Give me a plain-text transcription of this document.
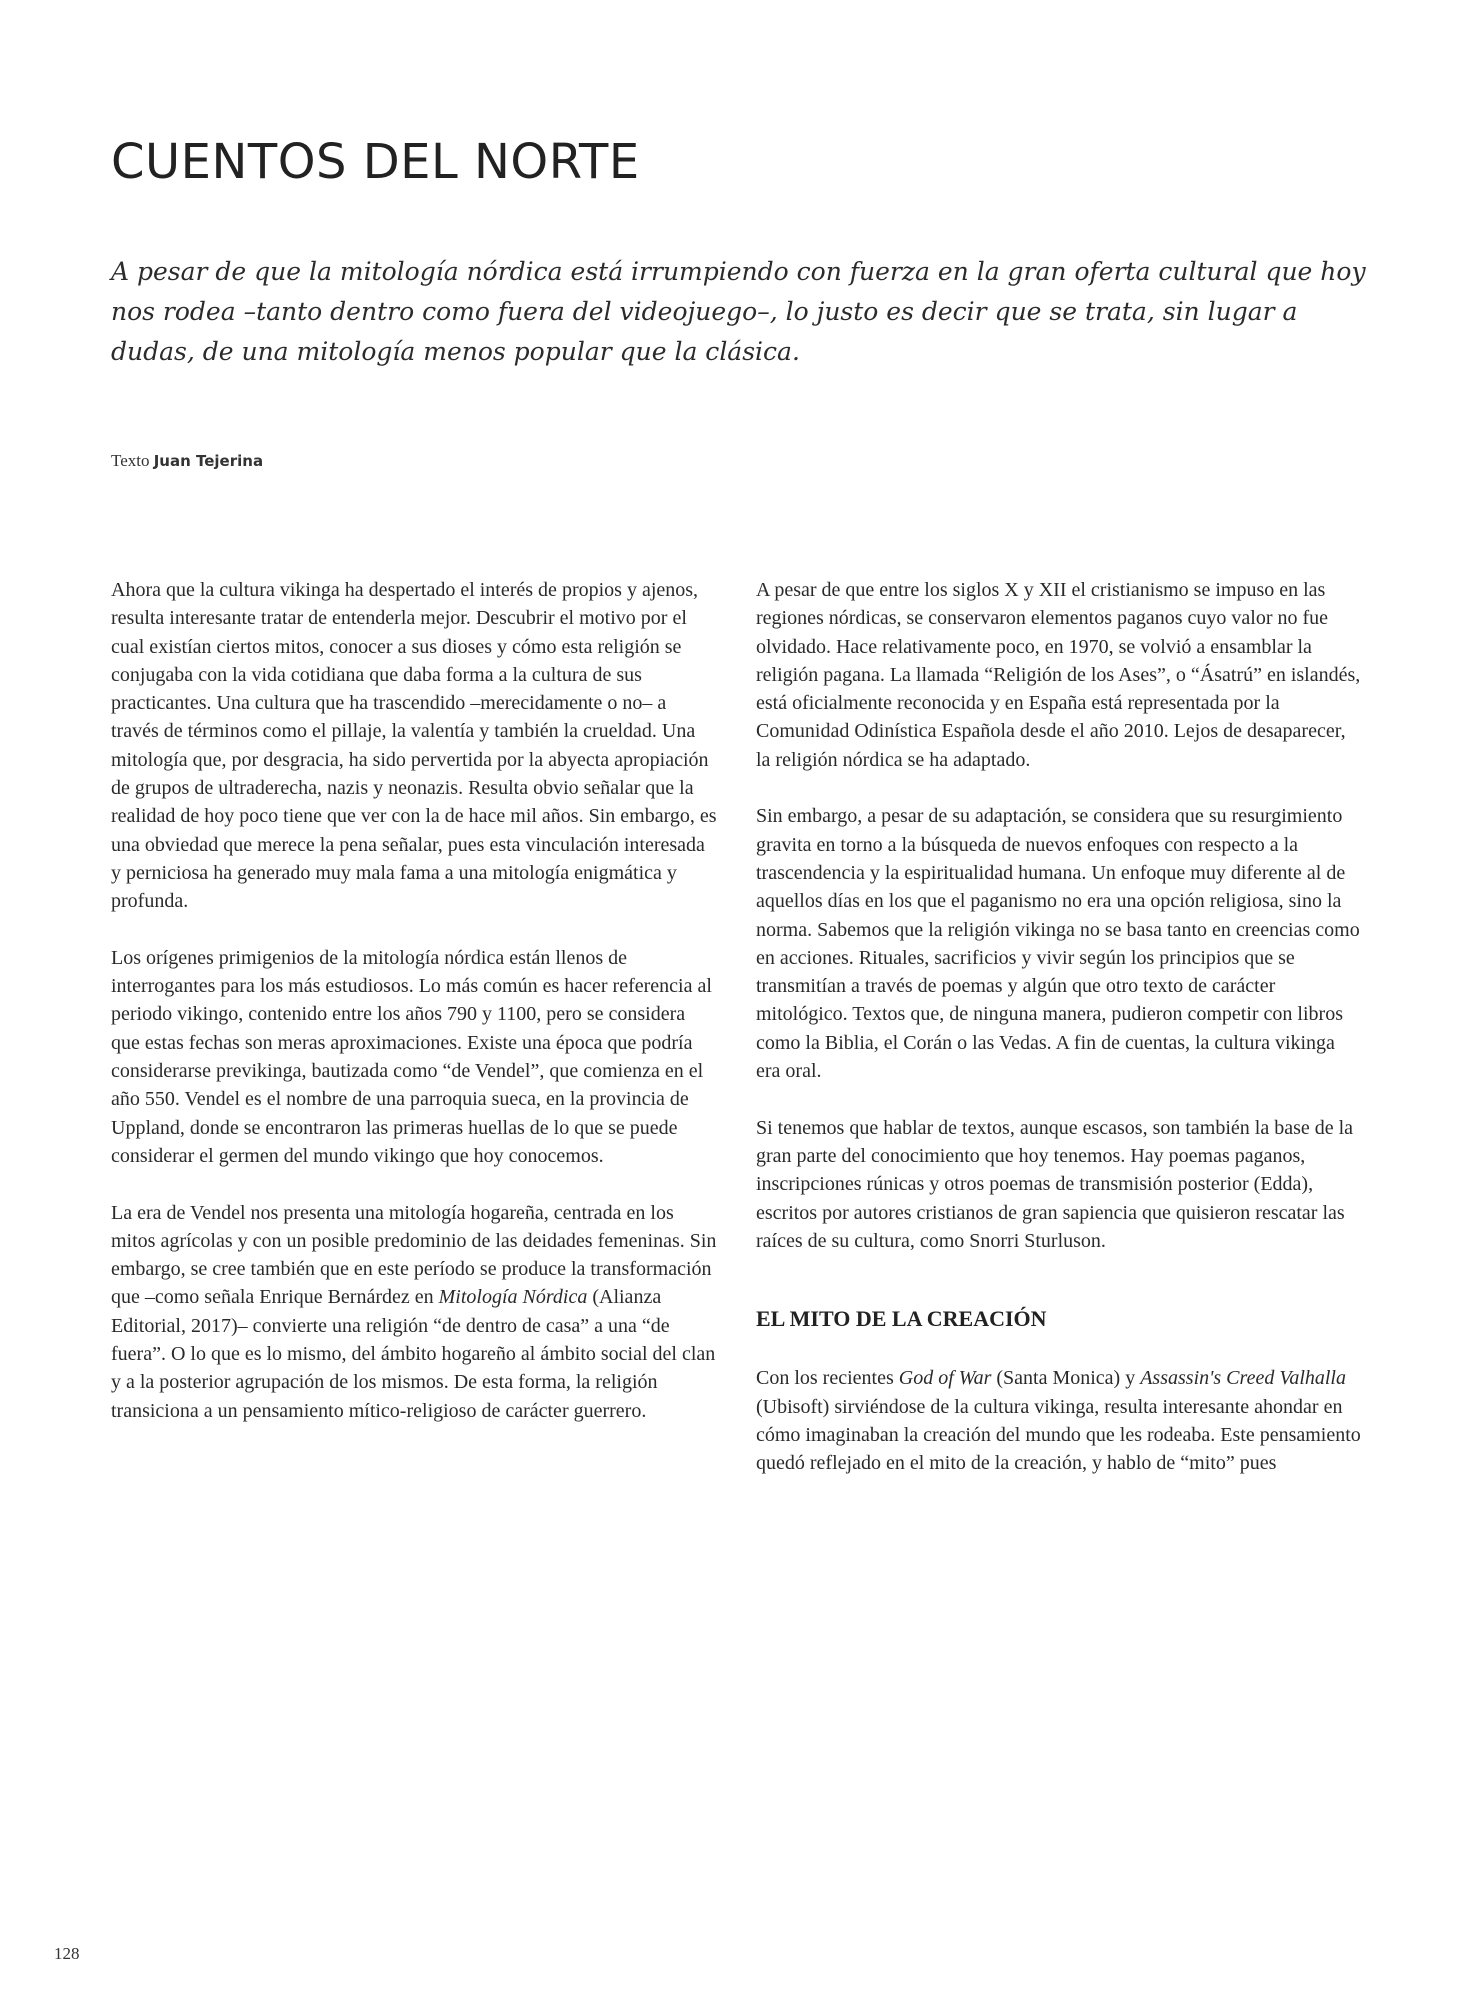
CUENTOS DEL NORTE

A pesar de que la mitología nórdica está irrumpiendo con fuerza en la gran oferta cultural que hoy nos rodea –tanto dentro como fuera del videojuego–, lo justo es decir que se trata, sin lugar a dudas, de una mitología menos popular que la clásica.

Texto Juan Tejerina

Ahora que la cultura vikinga ha despertado el interés de propios y ajenos, resulta interesante tratar de entenderla mejor. Descubrir el motivo por el cual existían ciertos mitos, conocer a sus dioses y cómo esta religión se conjugaba con la vida cotidiana que daba forma a la cultura de sus practicantes. Una cultura que ha trascendido –merecidamente o no– a través de términos como el pillaje, la valentía y también la crueldad. Una mitología que, por desgracia, ha sido pervertida por la abyecta apropiación de grupos de ultraderecha, nazis y neonazis. Resulta obvio señalar que la realidad de hoy poco tiene que ver con la de hace mil años. Sin embargo, es una obviedad que merece la pena señalar, pues esta vinculación interesada y perniciosa ha generado muy mala fama a una mitología enigmática y profunda.

Los orígenes primigenios de la mitología nórdica están llenos de interrogantes para los más estudiosos. Lo más común es hacer referencia al periodo vikingo, contenido entre los años 790 y 1100, pero se considera que estas fechas son meras aproximaciones. Existe una época que podría considerarse previkinga, bautizada como “de Vendel”, que comienza en el año 550. Vendel es el nombre de una parroquia sueca, en la provincia de Uppland, donde se encontraron las primeras huellas de lo que se puede considerar el germen del mundo vikingo que hoy conocemos.

La era de Vendel nos presenta una mitología hogareña, centrada en los mitos agrícolas y con un posible predominio de las deidades femeninas. Sin embargo, se cree también que en este período se produce la transformación que –como señala Enrique Bernárdez en Mitología Nórdica (Alianza Editorial, 2017)– convierte una religión “de dentro de casa” a una “de fuera”. O lo que es lo mismo, del ámbito hogareño al ámbito social del clan y a la posterior agrupación de los mismos. De esta forma, la religión transiciona a un pensamiento mítico-religioso de carácter guerrero.

A pesar de que entre los siglos X y XII el cristianismo se impuso en las regiones nórdicas, se conservaron elementos paganos cuyo valor no fue olvidado. Hace relativamente poco, en 1970, se volvió a ensamblar la religión pagana. La llamada “Religión de los Ases”, o “Ásatrú” en islandés, está oficialmente reconocida y en España está representada por la Comunidad Odinística Española desde el año 2010. Lejos de desaparecer, la religión nórdica se ha adaptado.

Sin embargo, a pesar de su adaptación, se considera que su resurgimiento gravita en torno a la búsqueda de nuevos enfoques con respecto a la trascendencia y la espiritualidad humana. Un enfoque muy diferente al de aquellos días en los que el paganismo no era una opción religiosa, sino la norma. Sabemos que la religión vikinga no se basa tanto en creencias como en acciones. Rituales, sacrificios y vivir según los principios que se transmitían a través de poemas y algún que otro texto de carácter mitológico. Textos que, de ninguna manera, pudieron competir con libros como la Biblia, el Corán o las Vedas. A fin de cuentas, la cultura vikinga era oral.

Si tenemos que hablar de textos, aunque escasos, son también la base de la gran parte del conocimiento que hoy tenemos. Hay poemas paganos, inscripciones rúnicas y otros poemas de transmisión posterior (Edda), escritos por autores cristianos de gran sapiencia que quisieron rescatar las raíces de su cultura, como Snorri Sturluson.

EL MITO DE LA CREACIÓN

Con los recientes God of War (Santa Monica) y Assassin's Creed Valhalla (Ubisoft) sirviéndose de la cultura vikinga, resulta interesante ahondar en cómo imaginaban la creación del mundo que les rodeaba. Este pensamiento quedó reflejado en el mito de la creación, y hablo de “mito” pues

128
